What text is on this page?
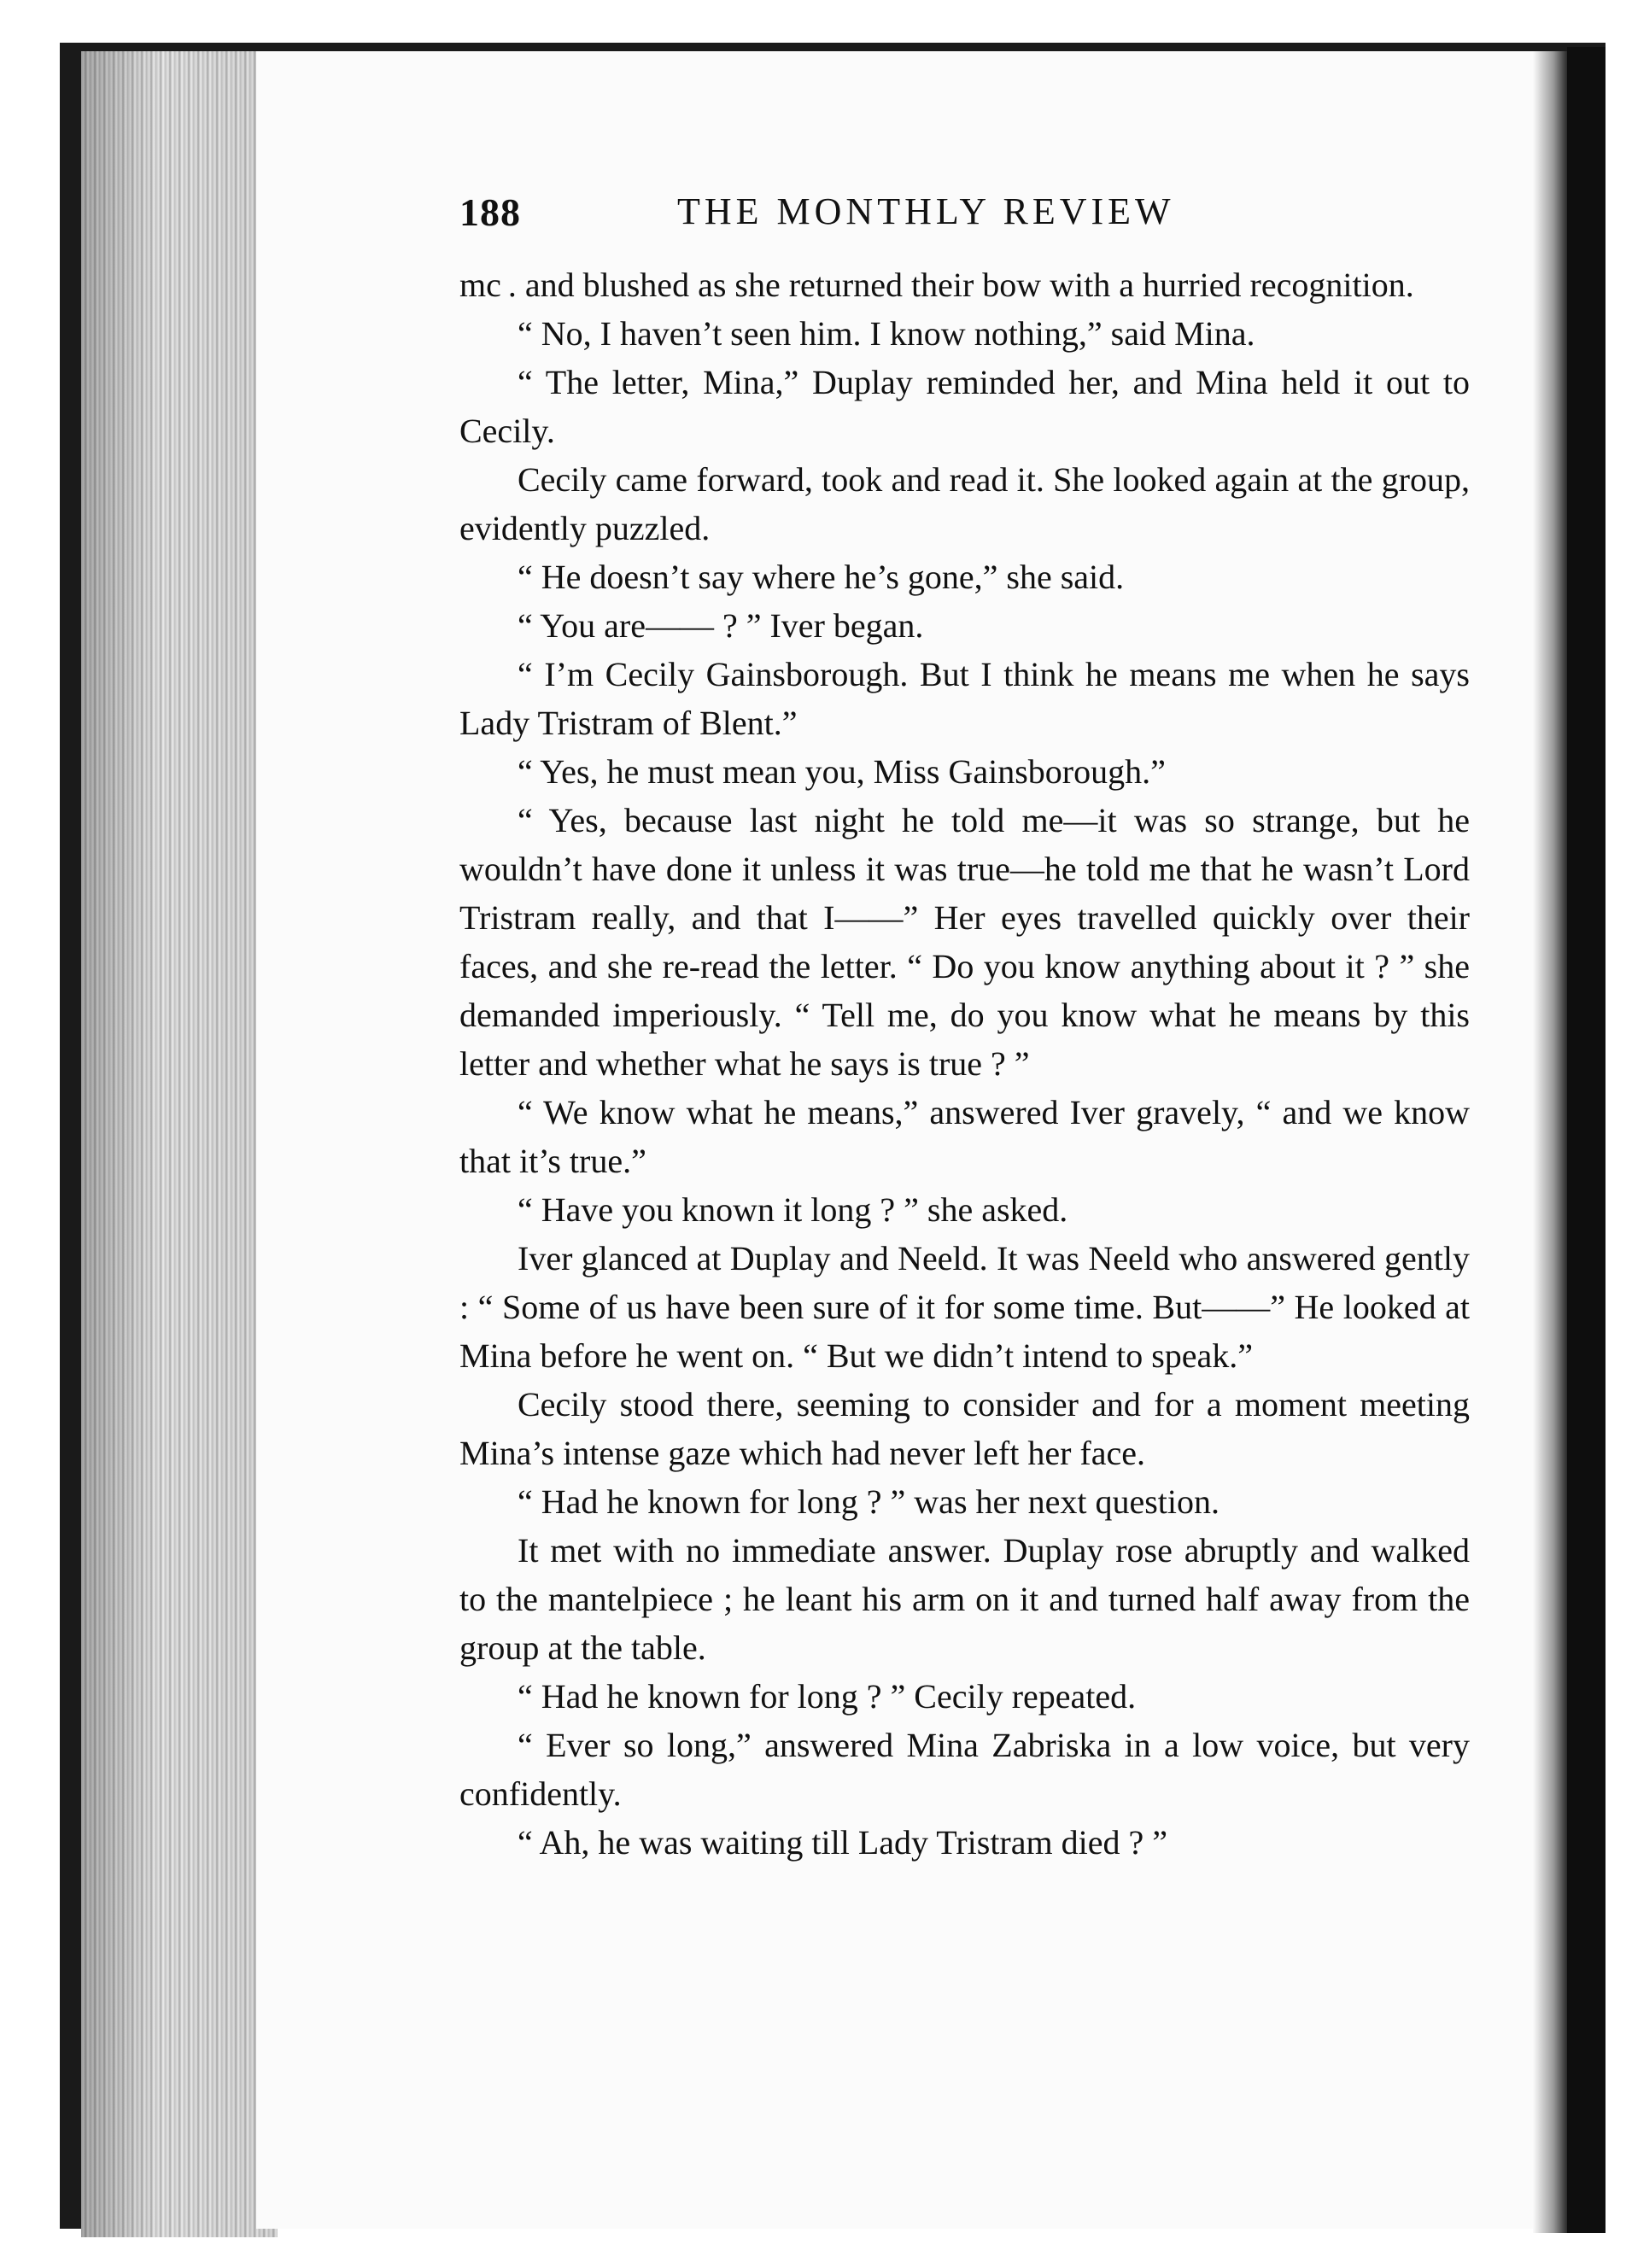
188	THE MONTHLY REVIEW

mc . and blushed as she returned their bow with a hurried recognition.

“ No, I haven’t seen him. I know nothing,” said Mina.

“ The letter, Mina,” Duplay reminded her, and Mina held it out to Cecily.

Cecily came forward, took and read it. She looked again at the group, evidently puzzled.

“ He doesn’t say where he’s gone,” she said.

“ You are—— ? ” Iver began.

“ I’m Cecily Gainsborough. But I think he means me when he says Lady Tristram of Blent.”

“ Yes, he must mean you, Miss Gainsborough.”

“ Yes, because last night he told me—it was so strange, but he wouldn’t have done it unless it was true—he told me that he wasn’t Lord Tristram really, and that I——” Her eyes travelled quickly over their faces, and she re-read the letter. “ Do you know anything about it ? ” she demanded imperiously. “ Tell me, do you know what he means by this letter and whether what he says is true ? ”

“ We know what he means,” answered Iver gravely, “ and we know that it’s true.”

“ Have you known it long ? ” she asked.

Iver glanced at Duplay and Neeld. It was Neeld who answered gently : “ Some of us have been sure of it for some time. But——” He looked at Mina before he went on. “ But we didn’t intend to speak.”

Cecily stood there, seeming to consider and for a moment meeting Mina’s intense gaze which had never left her face.

“ Had he known for long ? ” was her next question.

It met with no immediate answer. Duplay rose abruptly and walked to the mantelpiece ; he leant his arm on it and turned half away from the group at the table.

“ Had he known for long ? ” Cecily repeated.

“ Ever so long,” answered Mina Zabriska in a low voice, but very confidently.

“ Ah, he was waiting till Lady Tristram died ? ”
